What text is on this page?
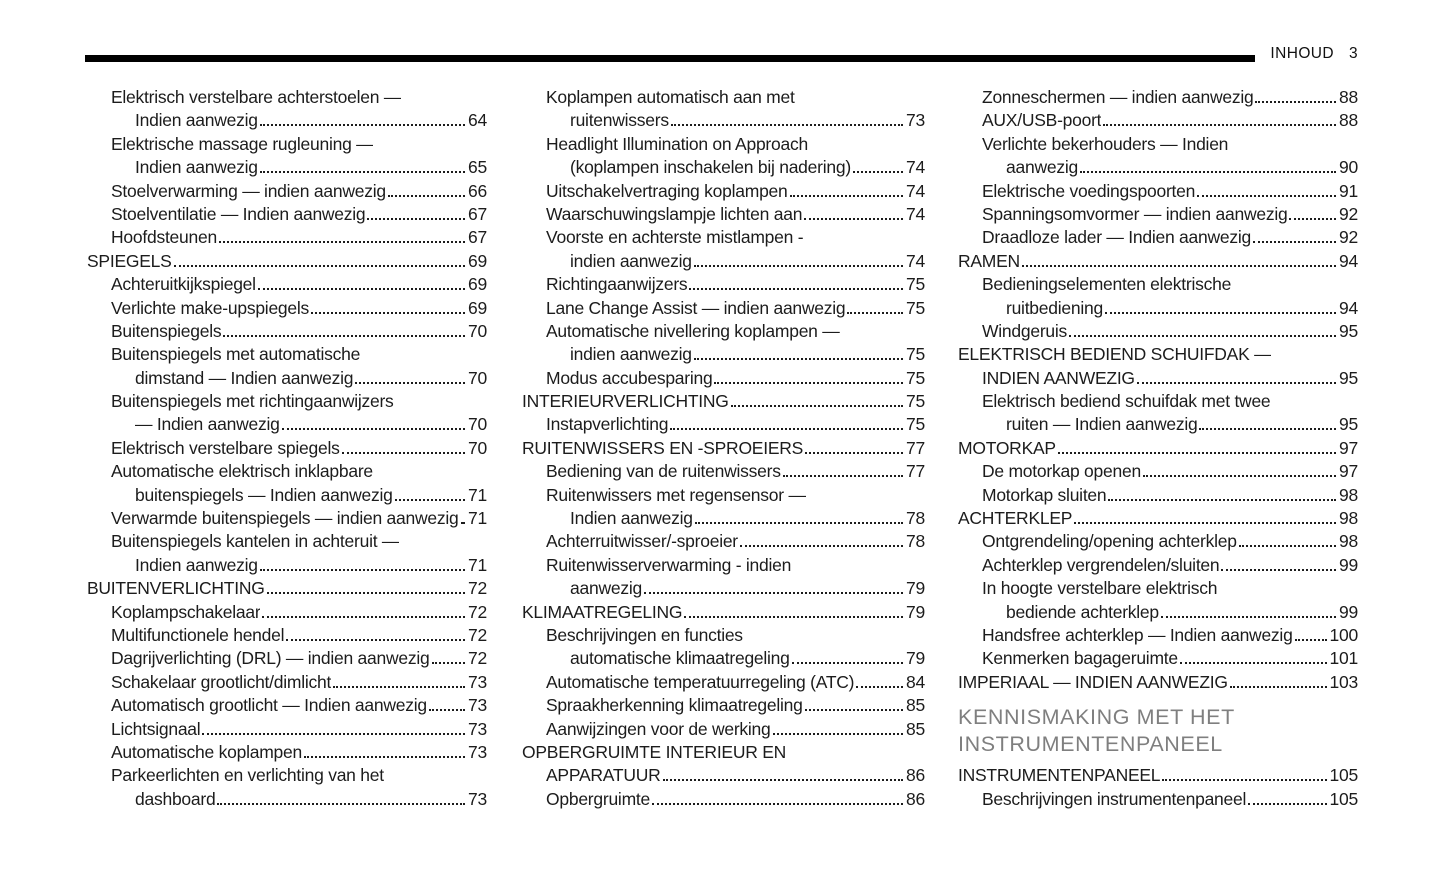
INHOUD 3
Elektrisch verstelbare achterstoelen —
Indien aanwezig	64
Elektrische massage rugleuning —
Indien aanwezig	65
Stoelverwarming — indien aanwezig	66
Stoelventilatie — Indien aanwezig	67
Hoofdsteunen	67
SPIEGELS	69
Achteruitkijkspiegel	69
Verlichte make-upspiegels	69
Buitenspiegels	70
Buitenspiegels met automatische
dimstand — Indien aanwezig	70
Buitenspiegels met richtingaanwijzers
— Indien aanwezig	70
Elektrisch verstelbare spiegels	70
Automatische elektrisch inklapbare
buitenspiegels — Indien aanwezig	71
Verwarmde buitenspiegels — indien aanwezig 71
Buitenspiegels kantelen in achteruit —
Indien aanwezig	71
BUITENVERLICHTING	72
Koplampschakelaar	72
Multifunctionele hendel	72
Dagrijverlichting (DRL) — indien aanwezig 72
Schakelaar grootlicht/dimlicht	73
Automatisch grootlicht — Indien aanwezig 73
Lichtsignaal	73
Automatische koplampen	73
Parkeerlichten en verlichting van het
dashboard	73
Koplampen automatisch aan met
ruitenwissers	73
Headlight Illumination on Approach
(koplampen inschakelen bij nadering)	74
Uitschakelvertraging koplampen	74
Waarschuwingslampje lichten aan	74
Voorste en achterste mistlampen -
indien aanwezig	74
Richtingaanwijzers	75
Lane Change Assist — indien aanwezig	75
Automatische nivellering koplampen —
indien aanwezig	75
Modus accubesparing	75
INTERIEURVERLICHTING	75
Instapverlichting	75
RUITENWISSERS EN -SPROEIERS	77
Bediening van de ruitenwissers	77
Ruitenwissers met regensensor —
Indien aanwezig	78
Achterruitwisser/-sproeier	78
Ruitenwisserverwarming - indien
aanwezig	79
KLIMAATREGELING	79
Beschrijvingen en functies
automatische klimaatregeling	79
Automatische temperatuurregeling (ATC)	84
Spraakherkenning klimaatregeling	85
Aanwijzingen voor de werking	85
OPBERGRUIMTE INTERIEUR EN
APPARATUUR	86
Opbergruimte	86
Zonneschermen — indien aanwezig	88
AUX/USB-poort	88
Verlichte bekerhouders — Indien
aanwezig	90
Elektrische voedingspoorten	91
Spanningsomvormer — indien aanwezig	92
Draadloze lader — Indien aanwezig	92
RAMEN	94
Bedieningselementen elektrische
ruitbediening	94
Windgeruis	95
ELEKTRISCH BEDIEND SCHUIFDAK —
INDIEN AANWEZIG	95
Elektrisch bediend schuifdak met twee
ruiten — Indien aanwezig	95
MOTORKAP	97
De motorkap openen	97
Motorkap sluiten	98
ACHTERKLEP	98
Ontgrendeling/opening achterklep	98
Achterklep vergrendelen/sluiten	99
In hoogte verstelbare elektrisch
bediende achterklep	99
Handsfree achterklep — Indien aanwezig 100
Kenmerken bagageruimte	101
IMPERIAAL — INDIEN AANWEZIG	103
KENNISMAKING MET HET
INSTRUMENTENPANEEL
INSTRUMENTENPANEEL	105
Beschrijvingen instrumentenpaneel	105
